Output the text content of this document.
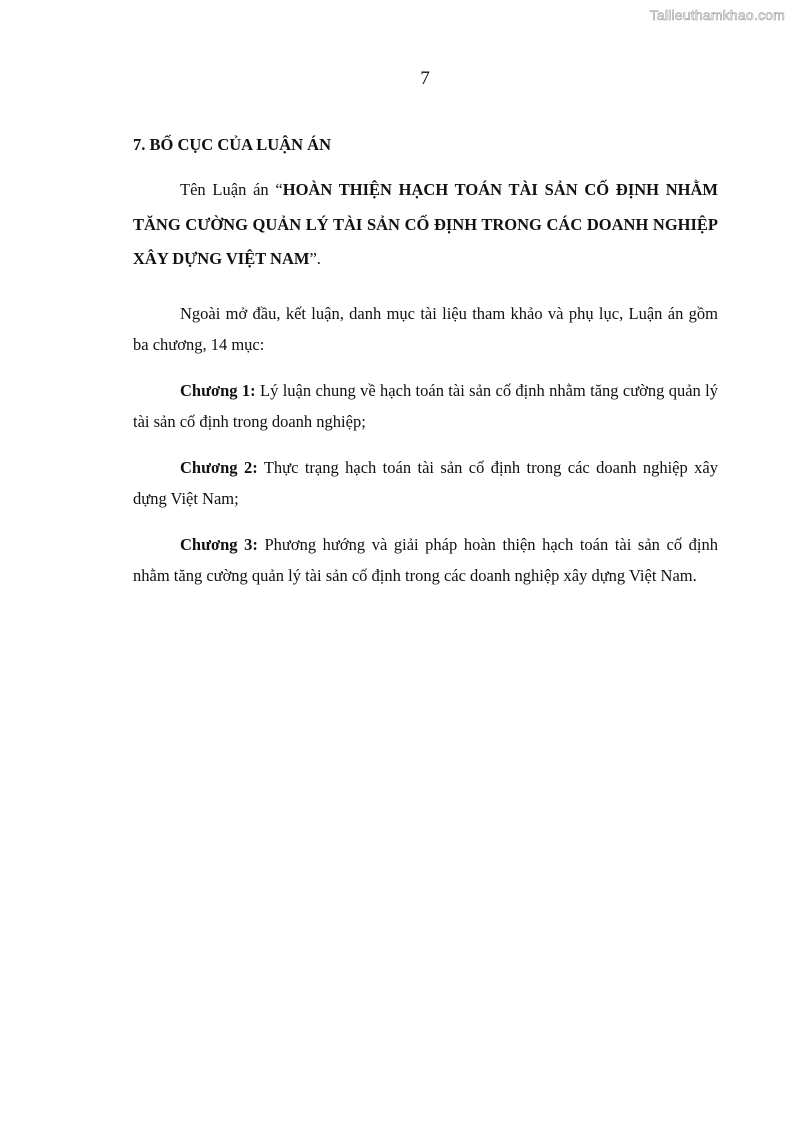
Tailieuthamkhao.com
7

7. BỐ CỤC CỦA LUẬN ÁN

Tên Luận án “HOÀN THIỆN HẠCH TOÁN TÀI SẢN CỐ ĐỊNH NHẰM TĂNG CƯỜNG QUẢN LÝ TÀI SẢN CỐ ĐỊNH TRONG CÁC DOANH NGHIỆP XÂY DỰNG VIỆT NAM”.

Ngoài mở đầu, kết luận, danh mục tài liệu tham khảo và phụ lục, Luận án gồm ba chương, 14 mục:

Chương 1: Lý luận chung về hạch toán tài sản cố định nhằm tăng cường quản lý tài sản cố định trong doanh nghiệp;

Chương 2: Thực trạng hạch toán tài sản cố định trong các doanh nghiệp xây dựng Việt Nam;

Chương 3: Phương hướng và giải pháp hoàn thiện hạch toán tài sản cố định nhằm tăng cường quản lý tài sản cố định trong các doanh nghiệp xây dựng Việt Nam.
